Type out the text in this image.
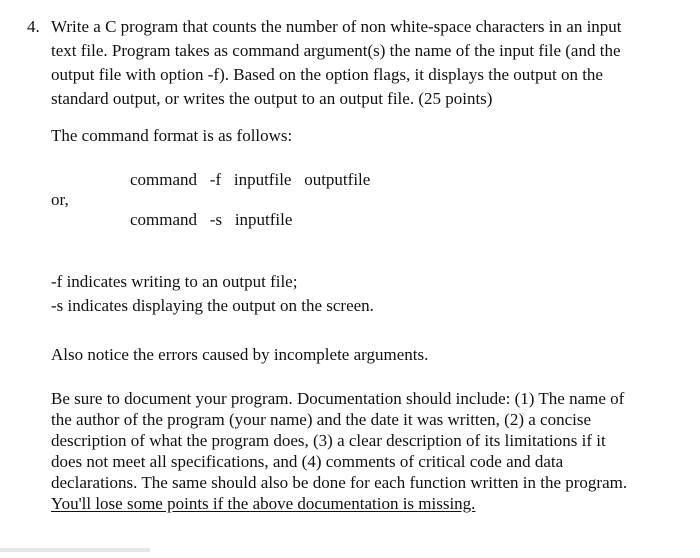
4. Write a C program that counts the number of non white-space characters in an input
text file. Program takes as command argument(s) the name of the input file (and the
output file with option -f). Based on the option flags, it displays the output on the
standard output, or writes the output to an output file. (25 points)
The command format is as follows:
command   -f   inputfile   outputfile
or,
command   -s   inputfile
-f indicates writing to an output file;
-s indicates displaying the output on the screen.
Also notice the errors caused by incomplete arguments.
Be sure to document your program. Documentation should include: (1) The name of
the author of the program (your name) and the date it was written, (2) a concise
description of what the program does, (3) a clear description of its limitations if it
does not meet all specifications, and (4) comments of critical code and data
declarations. The same should also be done for each function written in the program.
You'll lose some points if the above documentation is missing.
